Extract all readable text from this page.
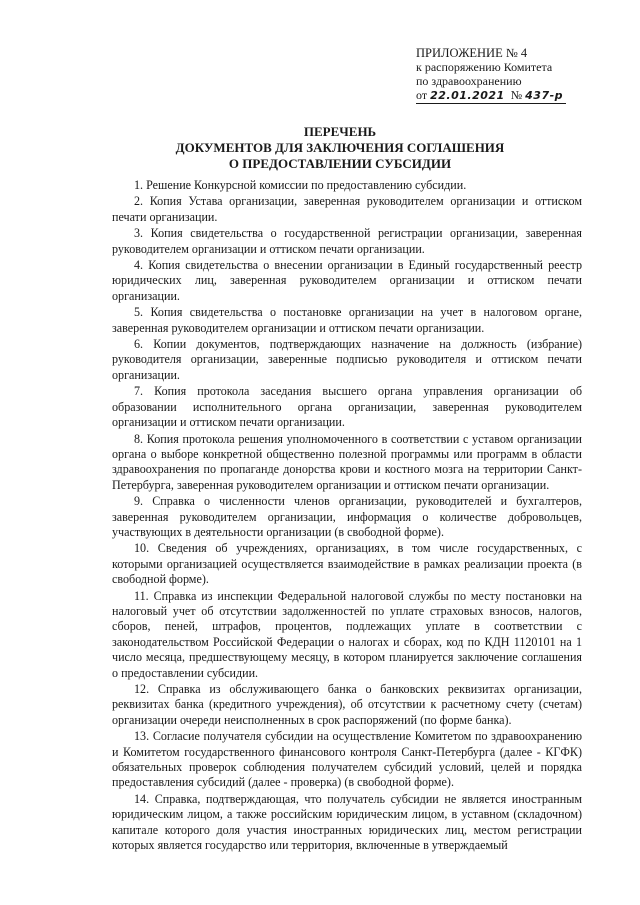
ПРИЛОЖЕНИЕ № 4
к распоряжению Комитета
по здравоохранению
от 22.01.2021 № 437-р
ПЕРЕЧЕНЬ
ДОКУМЕНТОВ ДЛЯ ЗАКЛЮЧЕНИЯ СОГЛАШЕНИЯ
О ПРЕДОСТАВЛЕНИИ СУБСИДИИ

1. Решение Конкурсной комиссии по предоставлению субсидии.

2. Копия Устава организации, заверенная руководителем организации и оттиском печати организации.

3. Копия свидетельства о государственной регистрации организации, заверенная руководителем организации и оттиском печати организации.

4. Копия свидетельства о внесении организации в Единый государственный реестр юридических лиц, заверенная руководителем организации и оттиском печати организации.

5. Копия свидетельства о постановке организации на учет в налоговом органе, заверенная руководителем организации и оттиском печати организации.

6. Копии документов, подтверждающих назначение на должность (избрание) руководителя организации, заверенные подписью руководителя и оттиском печати организации.

7. Копия протокола заседания высшего органа управления организации об образовании исполнительного органа организации, заверенная руководителем организации и оттиском печати организации.

8. Копия протокола решения уполномоченного в соответствии с уставом организации органа о выборе конкретной общественно полезной программы или программ в области здравоохранения по пропаганде донорства крови и костного мозга на территории Санкт-Петербурга, заверенная руководителем организации и оттиском печати организации.

9. Справка о численности членов организации, руководителей и бухгалтеров, заверенная руководителем организации, информация о количестве добровольцев, участвующих в деятельности организации (в свободной форме).

10. Сведения об учреждениях, организациях, в том числе государственных, с которыми организацией осуществляется взаимодействие в рамках реализации проекта (в свободной форме).

11. Справка из инспекции Федеральной налоговой службы по месту постановки на налоговый учет об отсутствии задолженностей по уплате страховых взносов, налогов, сборов, пеней, штрафов, процентов, подлежащих уплате в соответствии с законодательством Российской Федерации о налогах и сборах, код по КДН 1120101 на 1 число месяца, предшествующему месяцу, в котором планируется заключение соглашения о предоставлении субсидии.

12. Справка из обслуживающего банка о банковских реквизитах организации, реквизитах банка (кредитного учреждения), об отсутствии к расчетному счету (счетам) организации очереди неисполненных в срок распоряжений (по форме банка).

13. Согласие получателя субсидии на осуществление Комитетом по здравоохранению и Комитетом государственного финансового контроля Санкт-Петербурга (далее - КГФК) обязательных проверок соблюдения получателем субсидий условий, целей и порядка предоставления субсидий (далее - проверка) (в свободной форме).

14. Справка, подтверждающая, что получатель субсидии не является иностранным юридическим лицом, а также российским юридическим лицом, в уставном (складочном) капитале которого доля участия иностранных юридических лиц, местом регистрации которых является государство или территория, включенные в утверждаемый
